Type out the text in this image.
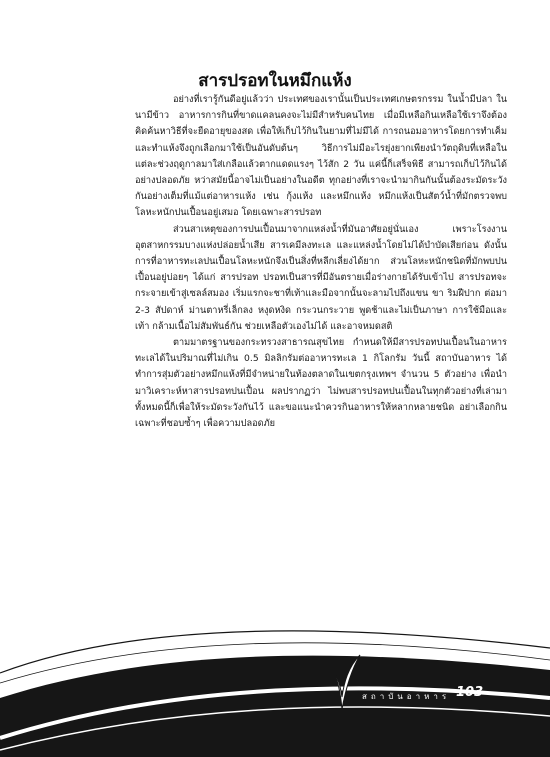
สารปรอทในหมึกแห้ง

อย่างที่เรารู้กันดีอยู่แล้วว่า ประเทศของเรานั้นเป็นประเทศเกษตรกรรม ในน้ำมีปลา ในนามีข้าว อาหารการกินที่ขาดแคลนคงจะไม่มีสำหรับคนไทย เมื่อมีเหลือกินเหลือใช้เราจึงต้องคิดค้นหาวิธีที่จะยืดอายุของสด เพื่อให้เก็บไว้กินในยามที่ไม่มีได้ การถนอมอาหารโดยการทำเค็ม และทำแห้งจึงถูกเลือกมาใช้เป็นอันดับต้นๆ วิธีการไม่มีอะไรยุ่งยากเพียงนำวัตถุดิบที่เหลือในแต่ละช่วงฤดูกาลมาใส่เกลือแล้วตากแดดแรงๆ ไว้สัก 2 วัน แค่นี้ก็เสร็จพิธี สามารถเก็บไว้กินได้อย่างปลอดภัย หว่าสมัยนี้อาจไม่เป็นอย่างในอดีต ทุกอย่างที่เราจะนำมากินกันนั้นต้องระมัดระวังกันอย่างเต็มที่แม้แต่อาหารแห้ง เช่น กุ้งแห้ง และหมึกแห้ง หมึกแห้งเป็นสัตว์น้ำที่มักตรวจพบโลหะหนักปนเปื้อนอยู่เสมอ โดยเฉพาะสารปรอท

ส่วนสาเหตุของการปนเปื้อนมาจากแหล่งน้ำที่มันอาศัยอยู่นั่นเอง เพราะโรงงานอุตสาหกรรมบางแห่งปล่อยน้ำเสีย สารเคมีลงทะเล และแหล่งน้ำโดยไม่ได้บำบัดเสียก่อน ดังนั้นการที่อาหารทะเลปนเปื้อนโลหะหนักจึงเป็นสิ่งที่หลีกเลี่ยงได้ยาก ส่วนโลหะหนักชนิดที่มักพบปนเปื้อนอยู่บ่อยๆ ได้แก่ สารปรอท ปรอทเป็นสารที่มีอันตรายเมื่อร่างกายได้รับเข้าไป สารปรอทจะกระจายเข้าสู่เซลล์สมอง เริ่มแรกจะชาที่เท้าและมือจากนั้นจะลามไปถึงแขน ขา ริมฝีปาก ต่อมา 2-3 สัปดาห์ ม่านตาหรี่เล็กลง หงุดหงิด กระวนกระวาย พูดช้าและไม่เป็นภาษา การใช้มือและเท้า กล้ามเนื้อไม่สัมพันธ์กัน ช่วยเหลือตัวเองไม่ได้ และอาจหมดสติ

ตามมาตรฐานของกระทรวงสาธารณสุขไทย กำหนดให้มีสารปรอทปนเปื้อนในอาหารทะเลได้ในปริมาณที่ไม่เกิน 0.5 มิลลิกรัมต่ออาหารทะเล 1 กิโลกรัม วันนี้ สถาบันอาหาร ได้ทำการสุ่มตัวอย่างหมึกแห้งที่มีจำหน่ายในท้องตลาดในเขตกรุงเทพฯ จำนวน 5 ตัวอย่าง เพื่อนำมาวิเคราะห์หาสารปรอทปนเปื้อน ผลปรากฏว่า ไม่พบสารปรอทปนเปื้อนในทุกตัวอย่างที่เล่ามาทั้งหมดนี้ก็เพื่อให้ระมัดระวังกันไว้ และขอแนะนำควรกินอาหารให้หลากหลายชนิด อย่าเลือกกินเฉพาะที่ชอบซ้ำๆ เพื่อความปลอดภัย

สถาบันอาหาร 103
